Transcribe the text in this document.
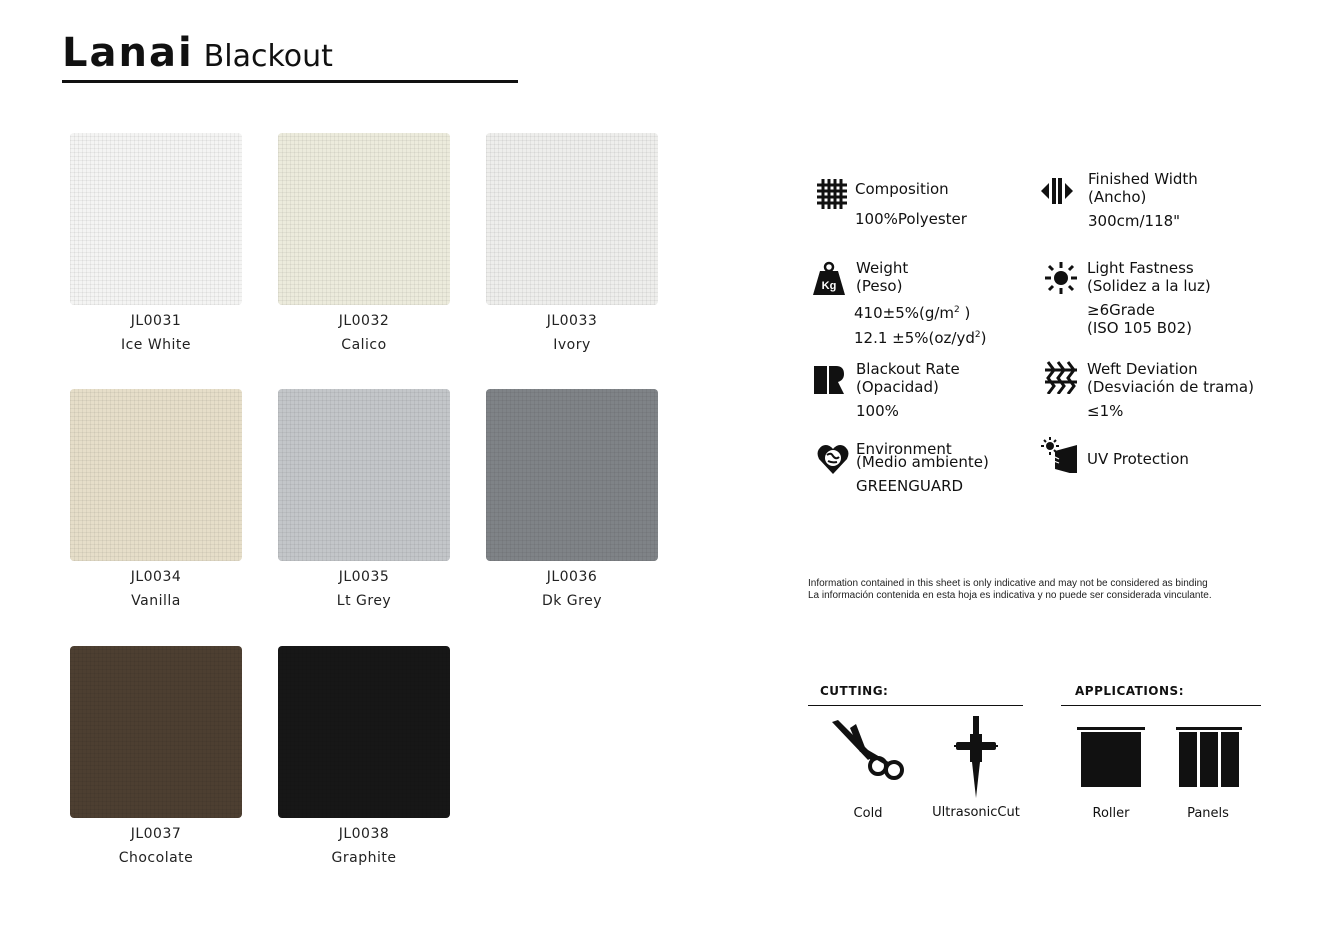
Lanai Blackout
JL0031
Ice White
JL0032
Calico
JL0033
Ivory
JL0034
Vanilla
JL0035
Lt Grey
JL0036
Dk Grey
JL0037
Chocolate
JL0038
Graphite
Composition
100%Polyester
Finished Width
(Ancho)
300cm/118"
Kg
Weight
(Peso)
$410\pm 5\%(g/m^2$ )
$12.1 \pm 5\%(oz/yd^2)$
Light Fastness
(Solidez a la luz)
≥6Grade
(ISO 105 B02)
Blackout Rate
(Opacidad)
100%
Weft Deviation
(Desviación de trama)
≤1%
Environment
(Medio ambiente)
GREENGUARD
UV Protection
Information contained in this sheet is only indicative and may not be considered as binding
La información contenida en esta hoja es indicativa y no puede ser considerada vinculante.
CUTTING:
Cold	UltrasonicCut
APPLICATIONS:
Roller	Panels
